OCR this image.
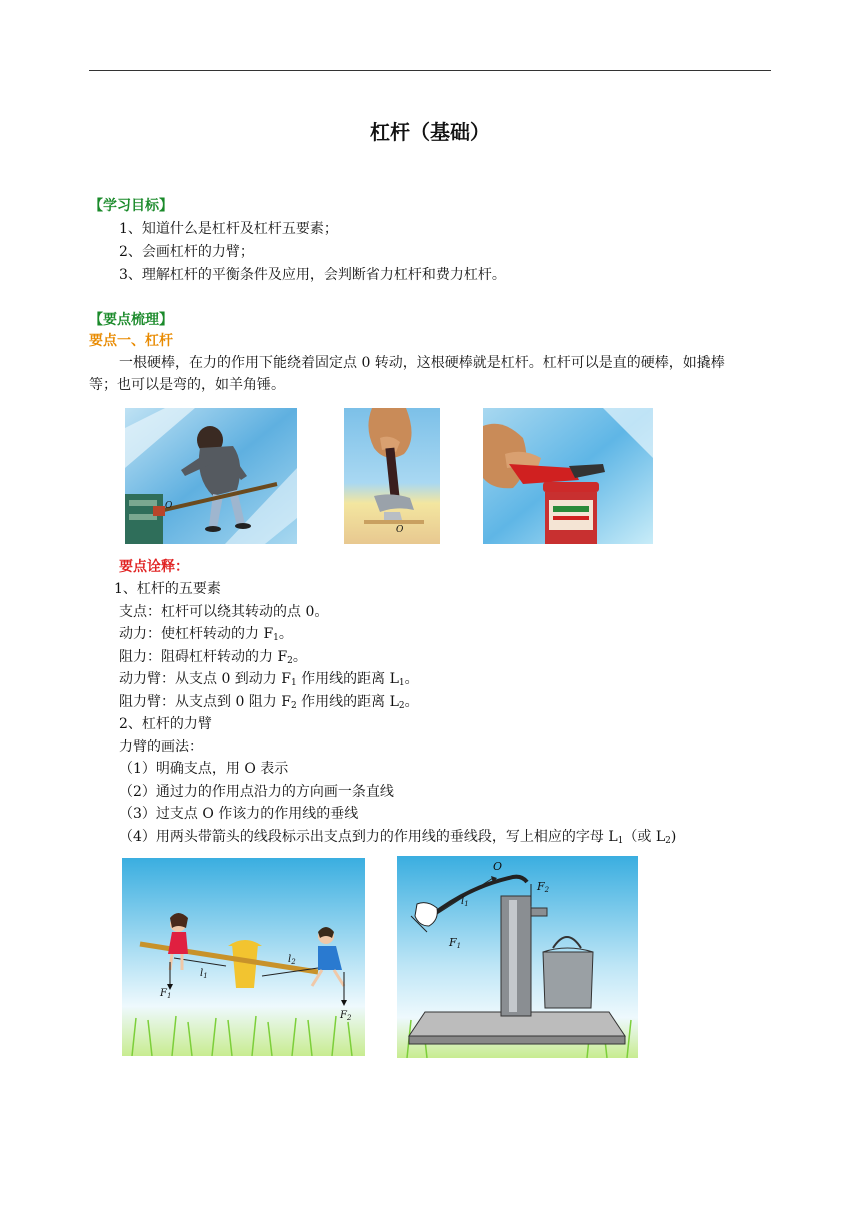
杠杆（基础）
【学习目标】
1、知道什么是杠杆及杠杆五要素；
2、会画杠杆的力臂；
3、理解杠杆的平衡条件及应用，会判断省力杠杆和费力杠杆。
【要点梳理】
要点一、杠杆
一根硬棒，在力的作用下能绕着固定点 0 转动，这根硬棒就是杠杆。杠杆可以是直的硬棒，如撬棒
等；也可以是弯的，如羊角锤。
O
O
要点诠释：
1、杠杆的五要素
支点：杠杆可以绕其转动的点 0。
动力：使杠杆转动的力 $F_1$。
阻力：阻碍杠杆转动的力 $F_2$。
动力臂：从支点 0 到动力 $F_1$ 作用线的距离 $L_1$。
阻力臂：从支点到 0 阻力 $F_2$ 作用线的距离 $L_2$。
2、杠杆的力臂
力臂的画法：
（1）明确支点，用 O 表示
（2）通过力的作用点沿力的方向画一条直线
（3）过支点 O 作该力的作用线的垂线
（4）用两头带箭头的线段标示出支点到力的作用线的垂线段，写上相应的字母 $L_1$（或 $L_2$)
$F_1$
$l_1$
$l_2$
$F_2$
O
$l_1$
F1
F2
